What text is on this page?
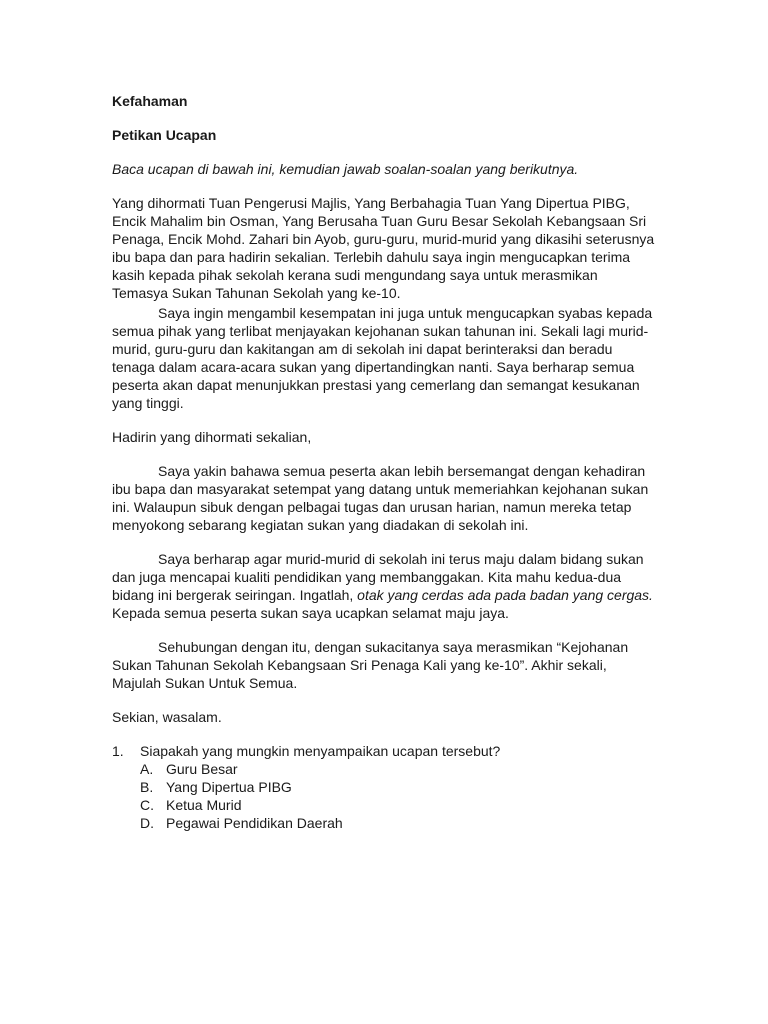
Kefahaman

Petikan Ucapan

Baca ucapan di bawah ini, kemudian jawab soalan-soalan yang berikutnya.

Yang dihormati Tuan Pengerusi Majlis, Yang Berbahagia Tuan Yang Dipertua PIBG, Encik Mahalim bin Osman, Yang Berusaha Tuan Guru Besar Sekolah Kebangsaan Sri Penaga, Encik Mohd. Zahari bin Ayob, guru-guru, murid-murid yang dikasihi seterusnya ibu bapa dan para hadirin sekalian. Terlebih dahulu saya ingin mengucapkan terima kasih kepada pihak sekolah kerana sudi mengundang saya untuk merasmikan Temasya Sukan Tahunan Sekolah yang ke-10.

Saya ingin mengambil kesempatan ini juga untuk mengucapkan syabas kepada semua pihak yang terlibat menjayakan kejohanan sukan tahunan ini. Sekali lagi murid-murid, guru-guru dan kakitangan am di sekolah ini dapat berinteraksi dan beradu tenaga dalam acara-acara sukan yang dipertandingkan nanti. Saya berharap semua peserta akan dapat menunjukkan prestasi yang cemerlang dan semangat kesukanan yang tinggi.

Hadirin yang dihormati sekalian,

Saya yakin bahawa semua peserta akan lebih bersemangat dengan kehadiran ibu bapa dan masyarakat setempat yang datang untuk memeriahkan kejohanan sukan ini. Walaupun sibuk dengan pelbagai tugas dan urusan harian, namun mereka tetap menyokong sebarang kegiatan sukan yang diadakan di sekolah ini.

Saya berharap agar murid-murid di sekolah ini terus maju dalam bidang sukan dan juga mencapai kualiti pendidikan yang membanggakan. Kita mahu kedua-dua bidang ini bergerak seiringan. Ingatlah, otak yang cerdas ada pada badan yang cergas. Kepada semua peserta sukan saya ucapkan selamat maju jaya.

Sehubungan dengan itu, dengan sukacitanya saya merasmikan “Kejohanan Sukan Tahunan Sekolah Kebangsaan Sri Penaga Kali yang ke-10”. Akhir sekali, Majulah Sukan Untuk Semua.

Sekian, wasalam.

1.	Siapakah yang mungkin menyampaikan ucapan tersebut?
A. Guru Besar
B. Yang Dipertua PIBG
C. Ketua Murid
D. Pegawai Pendidikan Daerah
